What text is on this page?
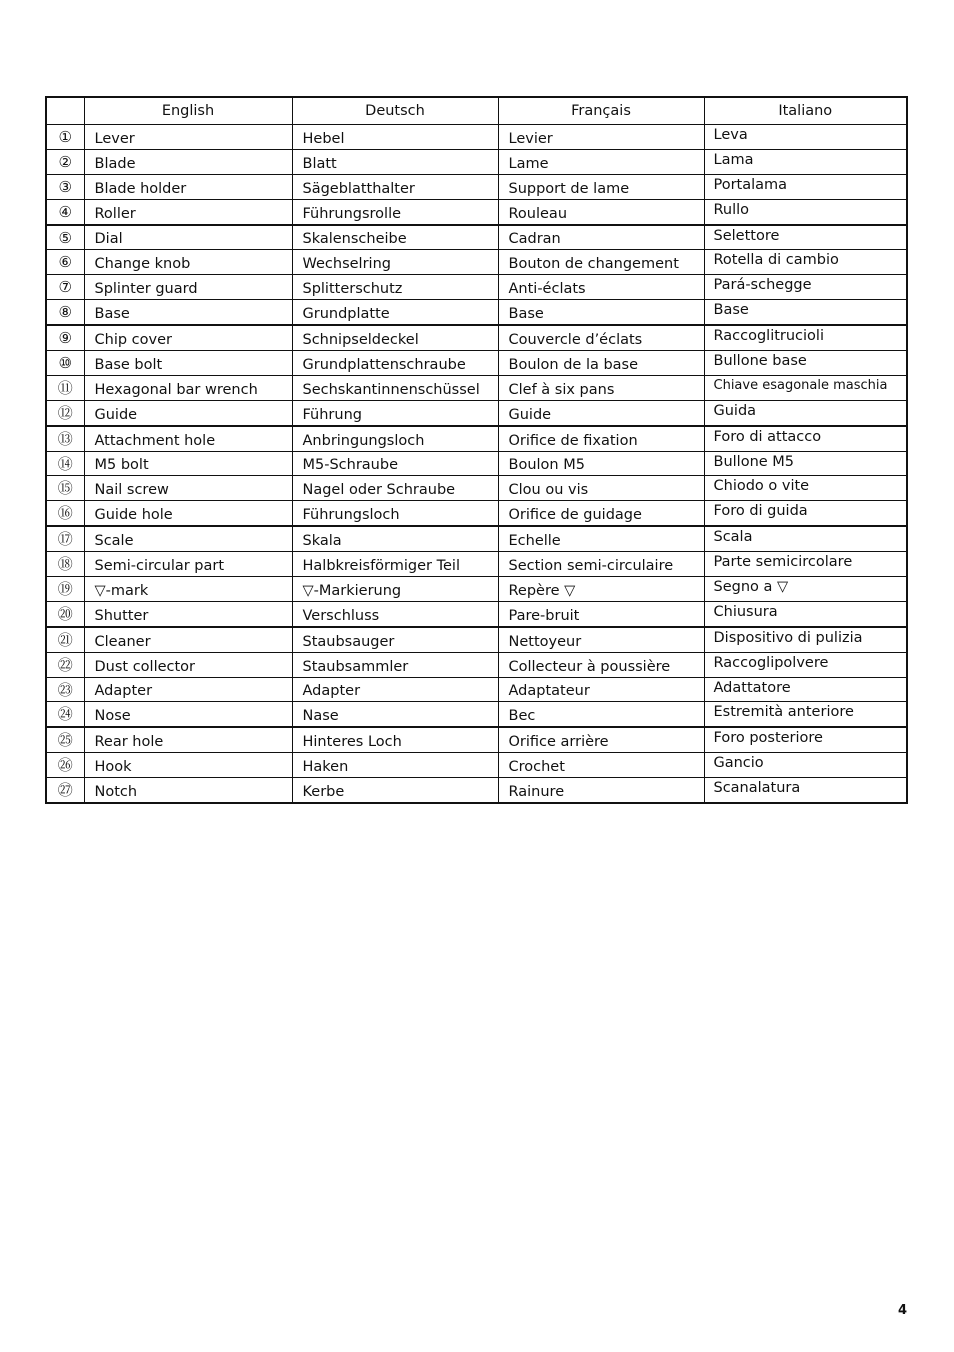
	English	Deutsch	Français	Italiano
①	Lever	Hebel	Levier	Leva
②	Blade	Blatt	Lame	Lama
③	Blade holder	Sägeblatthalter	Support de lame	Portalama
④	Roller	Führungsrolle	Rouleau	Rullo
⑤	Dial	Skalenscheibe	Cadran	Selettore
⑥	Change knob	Wechselring	Bouton de changement	Rotella di cambio
⑦	Splinter guard	Splitterschutz	Anti-éclats	Pará-schegge
⑧	Base	Grundplatte	Base	Base
⑨	Chip cover	Schnipseldeckel	Couvercle d’éclats	Raccoglitrucioli
⑩	Base bolt	Grundplattenschraube	Boulon de la base	Bullone base
⑪	Hexagonal bar wrench	Sechskantinnenschüssel	Clef à six pans	Chiave esagonale maschia
⑫	Guide	Führung	Guide	Guida
⑬	Attachment hole	Anbringungsloch	Orifice de fixation	Foro di attacco
⑭	M5 bolt	M5-Schraube	Boulon M5	Bullone M5
⑮	Nail screw	Nagel oder Schraube	Clou ou vis	Chiodo o vite
⑯	Guide hole	Führungsloch	Orifice de guidage	Foro di guida
⑰	Scale	Skala	Echelle	Scala
⑱	Semi-circular part	Halbkreisförmiger Teil	Section semi-circulaire	Parte semicircolare
⑲	▽-mark	▽-Markierung	Repère ▽	Segno a ▽
⑳	Shutter	Verschluss	Pare-bruit	Chiusura
㉑	Cleaner	Staubsauger	Nettoyeur	Dispositivo di pulizia
㉒	Dust collector	Staubsammler	Collecteur à poussière	Raccoglipolvere
㉓	Adapter	Adapter	Adaptateur	Adattatore
㉔	Nose	Nase	Bec	Estremità anteriore
㉕	Rear hole	Hinteres Loch	Orifice arrière	Foro posteriore
㉖	Hook	Haken	Crochet	Gancio
㉗	Notch	Kerbe	Rainure	Scanalatura
4
